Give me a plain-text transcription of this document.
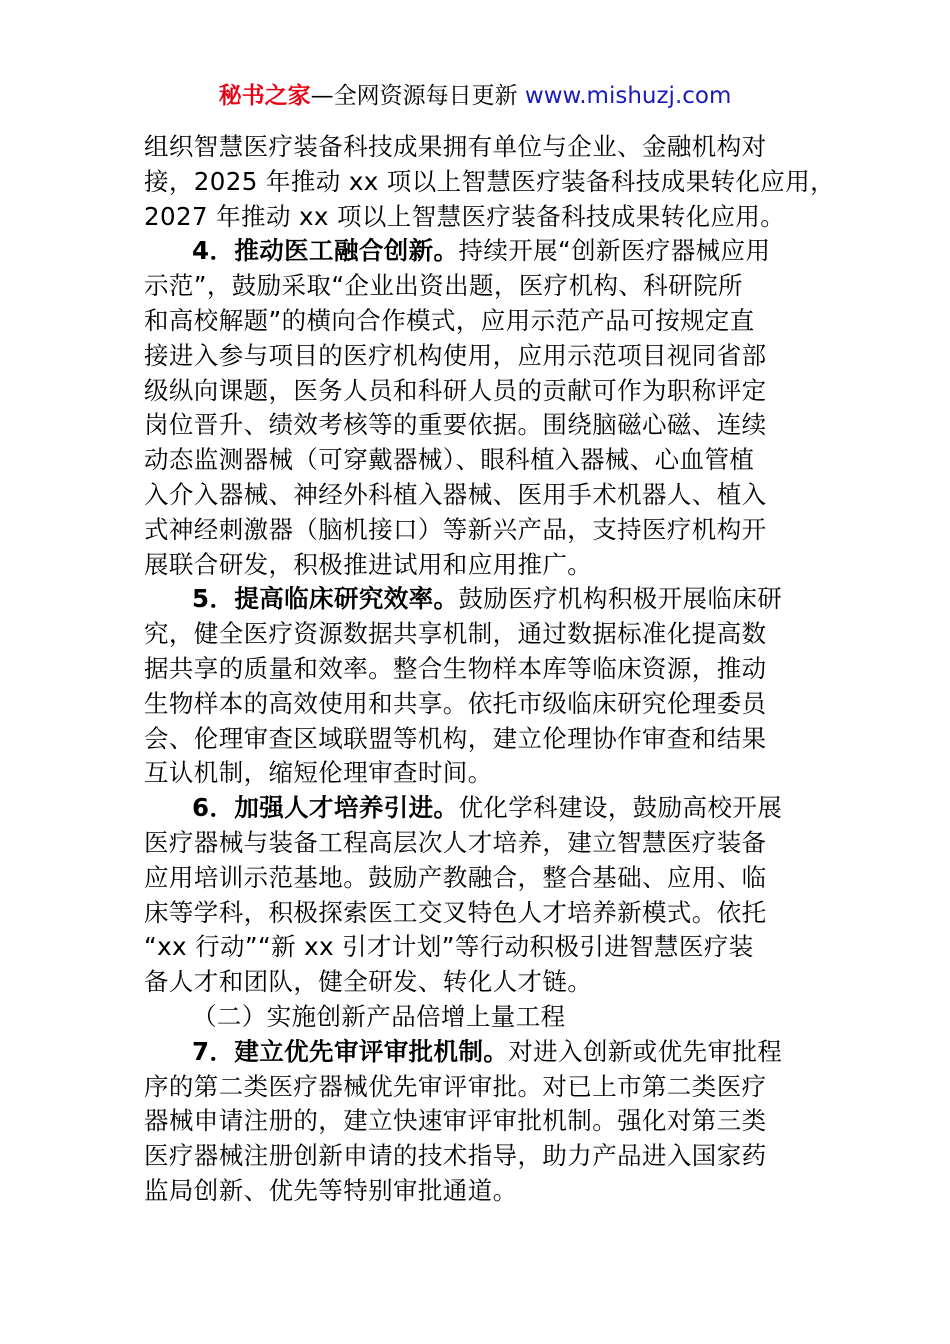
秘书之家—全网资源每日更新 www.mishuzj.com
组织智慧医疗装备科技成果拥有单位与企业、金融机构对
接，2025 年推动 xx 项以上智慧医疗装备科技成果转化应用，
2027 年推动 xx 项以上智慧医疗装备科技成果转化应用。
4．推动医工融合创新。持续开展“创新医疗器械应用
示范”，鼓励采取“企业出资出题，医疗机构、科研院所
和高校解题”的横向合作模式，应用示范产品可按规定直
接进入参与项目的医疗机构使用，应用示范项目视同省部
级纵向课题，医务人员和科研人员的贡献可作为职称评定
岗位晋升、绩效考核等的重要依据。围绕脑磁心磁、连续
动态监测器械（可穿戴器械）、眼科植入器械、心血管植
入介入器械、神经外科植入器械、医用手术机器人、植入
式神经刺激器（脑机接口）等新兴产品，支持医疗机构开
展联合研发，积极推进试用和应用推广。
5．提高临床研究效率。鼓励医疗机构积极开展临床研
究，健全医疗资源数据共享机制，通过数据标准化提高数
据共享的质量和效率。整合生物样本库等临床资源，推动
生物样本的高效使用和共享。依托市级临床研究伦理委员
会、伦理审查区域联盟等机构，建立伦理协作审查和结果
互认机制，缩短伦理审查时间。
6．加强人才培养引进。优化学科建设，鼓励高校开展
医疗器械与装备工程高层次人才培养，建立智慧医疗装备
应用培训示范基地。鼓励产教融合，整合基础、应用、临
床等学科，积极探索医工交叉特色人才培养新模式。依托
“xx 行动”“新 xx 引才计划”等行动积极引进智慧医疗装
备人才和团队，健全研发、转化人才链。
（二）实施创新产品倍增上量工程
7．建立优先审评审批机制。对进入创新或优先审批程
序的第二类医疗器械优先审评审批。对已上市第二类医疗
器械申请注册的，建立快速审评审批机制。强化对第三类
医疗器械注册创新申请的技术指导，助力产品进入国家药
监局创新、优先等特别审批通道。
